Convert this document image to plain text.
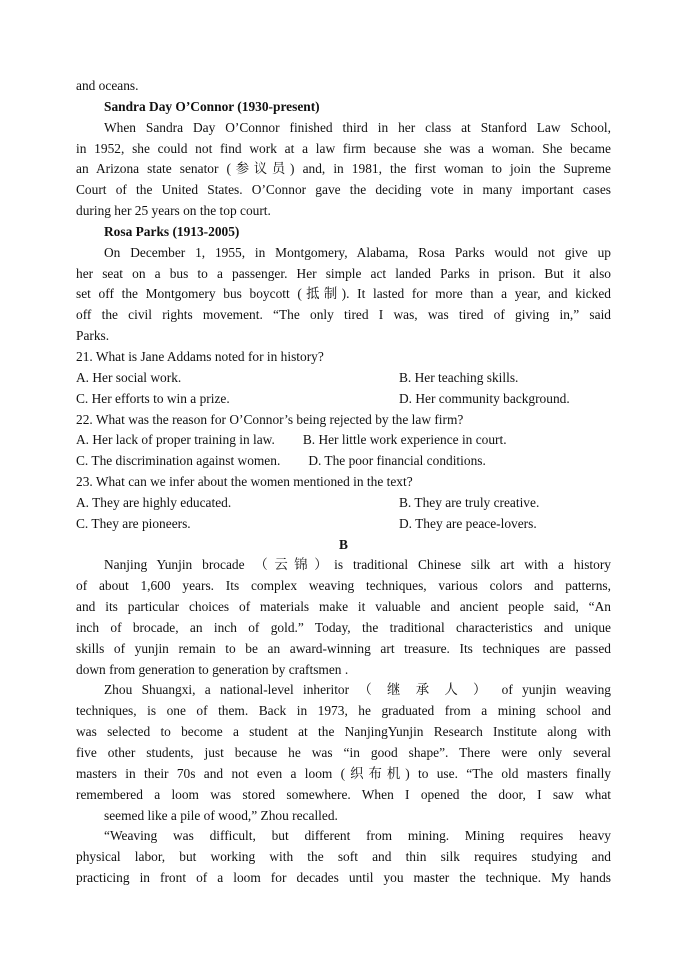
and oceans.
Sandra Day O’Connor (1930-present)
When Sandra Day O’Connor finished third in her class at Stanford Law School,
in 1952, she could not find work at a law firm because she was a woman. She became
an Arizona state senator (参议员) and, in 1981, the first woman to join the Supreme
Court of the United States. O’Connor gave the deciding vote in many important cases
during her 25 years on the top court.
Rosa Parks (1913-2005)
On December 1, 1955, in Montgomery, Alabama, Rosa Parks would not give up
her seat on a bus to a passenger. Her simple act landed Parks in prison. But it also
set off the Montgomery bus boycott (抵制). It lasted for more than a year, and kicked
off the civil rights movement. “The only tired I was, was tired of giving in,” said
Parks.
21. What is Jane Addams noted for in history?
A. Her social work.	B. Her teaching skills.
C. Her efforts to win a prize.	D. Her community background.
22. What was the reason for O’Connor’s being rejected by the law firm?
A. Her lack of proper training in law. B. Her little work experience in court.
C. The discrimination against women. D. The poor financial conditions.
23. What can we infer about the women mentioned in the text?
A. They are highly educated.	B. They are truly creative.
C. They are pioneers.	D. They are peace-lovers.
B
Nanjing Yunjin brocade （云锦）is traditional Chinese silk art with a history
of about 1,600 years. Its complex weaving techniques, various colors and patterns,
and its particular choices of materials make it valuable and ancient people said, “An
inch of brocade, an inch of gold.” Today, the traditional characteristics and unique
skills of yunjin remain to be an award-winning art treasure. Its techniques are passed
down from generation to generation by craftsmen .
Zhou Shuangxi, a national-level inheritor （ 继 承 人 ） of yunjin weaving
techniques, is one of them. Back in 1973, he graduated from a mining school and
was selected to become a student at the NanjingYunjin Research Institute along with
five other students, just because he was “in good shape”. There were only several
masters in their 70s and not even a loom (织布机) to use. “The old masters finally
remembered a loom was stored somewhere. When I opened the door, I saw what
seemed like a pile of wood,” Zhou recalled.
“Weaving was difficult, but different from mining. Mining requires heavy
physical labor, but working with the soft and thin silk requires studying and
practicing in front of a loom for decades until you master the technique. My hands
